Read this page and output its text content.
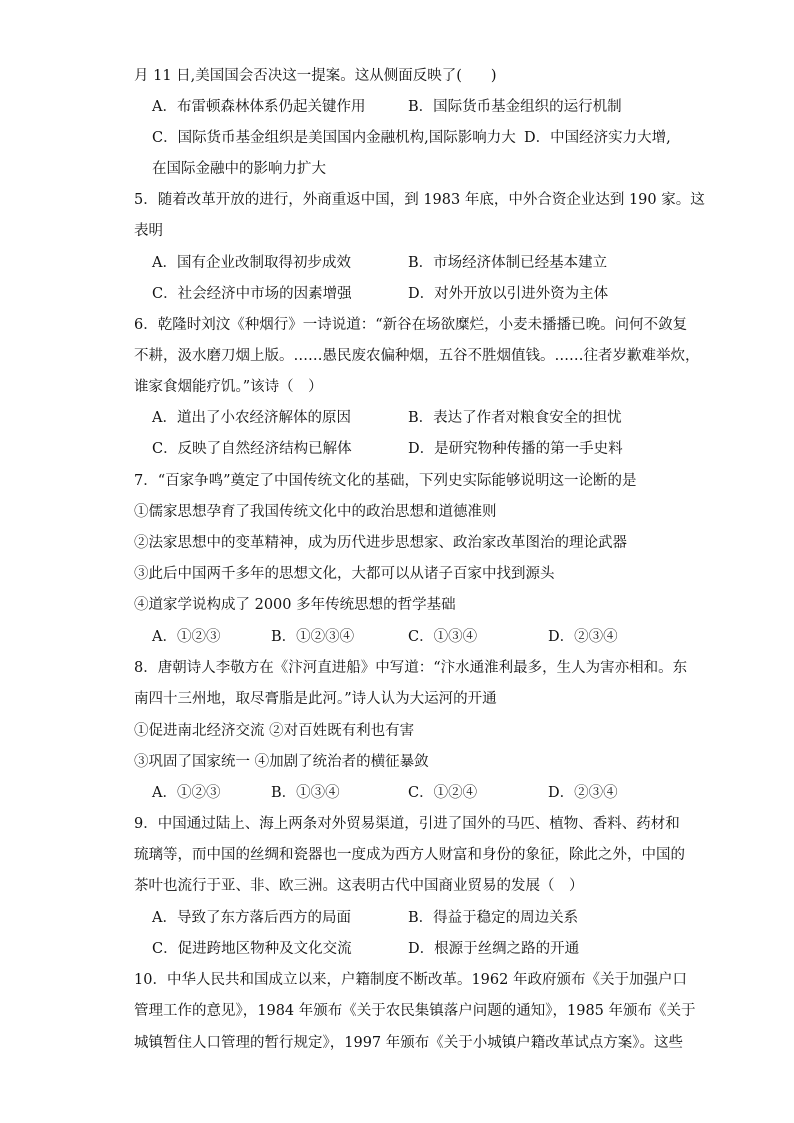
月 11 日,美国国会否决这一提案。这从侧面反映了(　　)
A．布雷顿森林体系仍起关键作用	B．国际货币基金组织的运行机制
C．国际货币基金组织是美国国内金融机构,国际影响力大 D．中国经济实力大增,
在国际金融中的影响力扩大
5．随着改革开放的进行，外商重返中国，到 1983 年底，中外合资企业达到 190 家。这
表明
A．国有企业改制取得初步成效	B．市场经济体制已经基本建立
C．社会经济中市场的因素增强	D．对外开放以引进外资为主体
6．乾隆时刘汶《种烟行》一诗说道：“新谷在场欲糜烂，小麦未播播已晚。问何不敛复
不耕，汲水磨刀烟上版。……愚民废农偏种烟，五谷不胜烟值钱。……往者岁歉难举炊，
谁家食烟能疗饥。”该诗（　）
A．道出了小农经济解体的原因	B．表达了作者对粮食安全的担忧
C．反映了自然经济结构已解体	D．是研究物种传播的第一手史料
7．“百家争鸣”奠定了中国传统文化的基础，下列史实际能够说明这一论断的是
①儒家思想孕育了我国传统文化中的政治思想和道德准则
②法家思想中的变革精神，成为历代进步思想家、政治家改革图治的理论武器
③此后中国两千多年的思想文化，大都可以从诸子百家中找到源头
④道家学说构成了 2000 多年传统思想的哲学基础
A．①②③	B．①②③④	C．①③④	D．②③④
8．唐朝诗人李敬方在《汴河直进船》中写道：“汴水通淮利最多，生人为害亦相和。东
南四十三州地，取尽膏脂是此河。”诗人认为大运河的开通
①促进南北经济交流 ②对百姓既有利也有害
③巩固了国家统一 ④加剧了统治者的横征暴敛
A．①②③	B．①③④	C．①②④	D．②③④
9．中国通过陆上、海上两条对外贸易渠道，引进了国外的马匹、植物、香料、药材和
琉璃等，而中国的丝绸和瓷器也一度成为西方人财富和身份的象征，除此之外，中国的
茶叶也流行于亚、非、欧三洲。这表明古代中国商业贸易的发展（　）
A．导致了东方落后西方的局面	B．得益于稳定的周边关系
C．促进跨地区物种及文化交流	D．根源于丝绸之路的开通
10．中华人民共和国成立以来，户籍制度不断改革。1962 年政府颁布《关于加强户口
管理工作的意见》，1984 年颁布《关于农民集镇落户问题的通知》，1985 年颁布《关于
城镇暂住人口管理的暂行规定》，1997 年颁布《关于小城镇户籍改革试点方案》。这些
